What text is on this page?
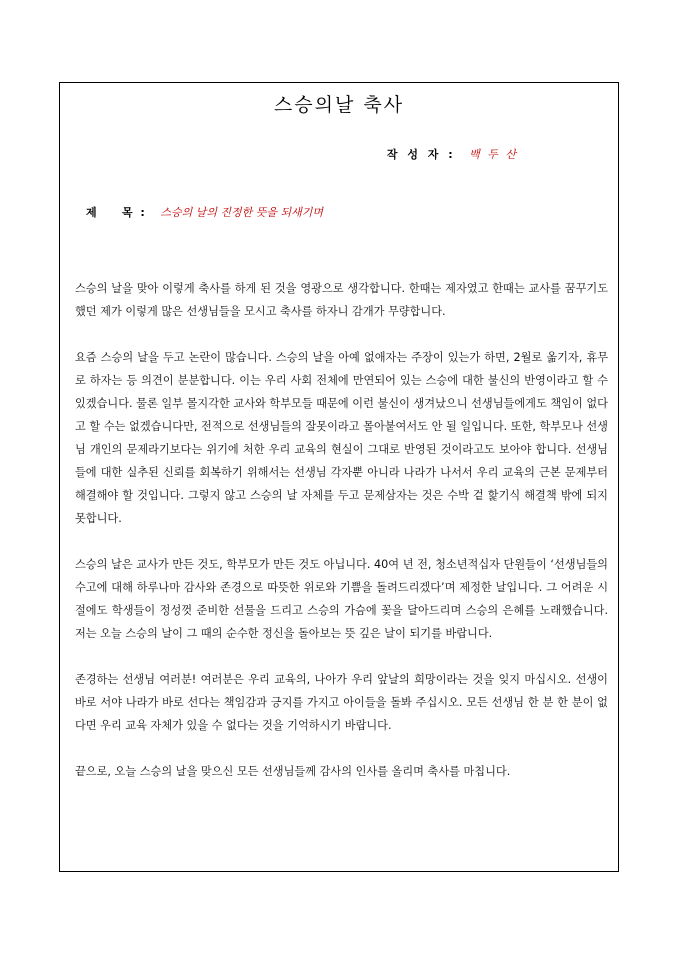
스승의날 축사
작 성 자 : 백 두 산
제    목 : 스승의 날의 진정한 뜻을 되새기며

스승의 날을 맞아 이렇게 축사를 하게 된 것을 영광으로 생각합니다. 한때는 제자였고 한때는 교사를 꿈꾸기도 했던 제가 이렇게 많은 선생님들을 모시고 축사를 하자니 감개가 무량합니다.

요즘 스승의 날을 두고 논란이 많습니다. 스승의 날을 아예 없애자는 주장이 있는가 하면, 2월로 옮기자, 휴무로 하자는 등 의견이 분분합니다. 이는 우리 사회 전체에 만연되어 있는 스승에 대한 불신의 반영이라고 할 수 있겠습니다. 물론 일부 몰지각한 교사와 학부모들 때문에 이런 불신이 생겨났으니 선생님들에게도 책임이 없다고 할 수는 없겠습니다만, 전적으로 선생님들의 잘못이라고 몰아붙여서도 안 될 일입니다. 또한, 학부모나 선생님 개인의 문제라기보다는 위기에 처한 우리 교육의 현실이 그대로 반영된 것이라고도 보아야 합니다. 선생님들에 대한 실추된 신뢰를 회복하기 위해서는 선생님 각자뿐 아니라 나라가 나서서 우리 교육의 근본 문제부터 해결해야 할 것입니다. 그렇지 않고 스승의 날 자체를 두고 문제삼자는 것은 수박 겉 핥기식 해결책 밖에 되지 못합니다.

스승의 날은 교사가 만든 것도, 학부모가 만든 것도 아닙니다. 40여 년 전, 청소년적십자 단원들이 ‘선생님들의 수고에 대해 하루나마 감사와 존경으로 따뜻한 위로와 기쁨을 돌려드리겠다’며 제정한 날입니다. 그 어려운 시절에도 학생들이 정성껏 준비한 선물을 드리고 스승의 가슴에 꽃을 달아드리며 스승의 은혜를 노래했습니다. 저는 오늘 스승의 날이 그 때의 순수한 정신을 돌아보는 뜻 깊은 날이 되기를 바랍니다.

존경하는 선생님 여러분! 여러분은 우리 교육의, 나아가 우리 앞날의 희망이라는 것을 잊지 마십시오. 선생이 바로 서야 나라가 바로 선다는 책임감과 긍지를 가지고 아이들을 돌봐 주십시오. 모든 선생님 한 분 한 분이 없다면 우리 교육 자체가 있을 수 없다는 것을 기억하시기 바랍니다.

끝으로, 오늘 스승의 날을 맞으신 모든 선생님들께 감사의 인사를 올리며 축사를 마칩니다.
